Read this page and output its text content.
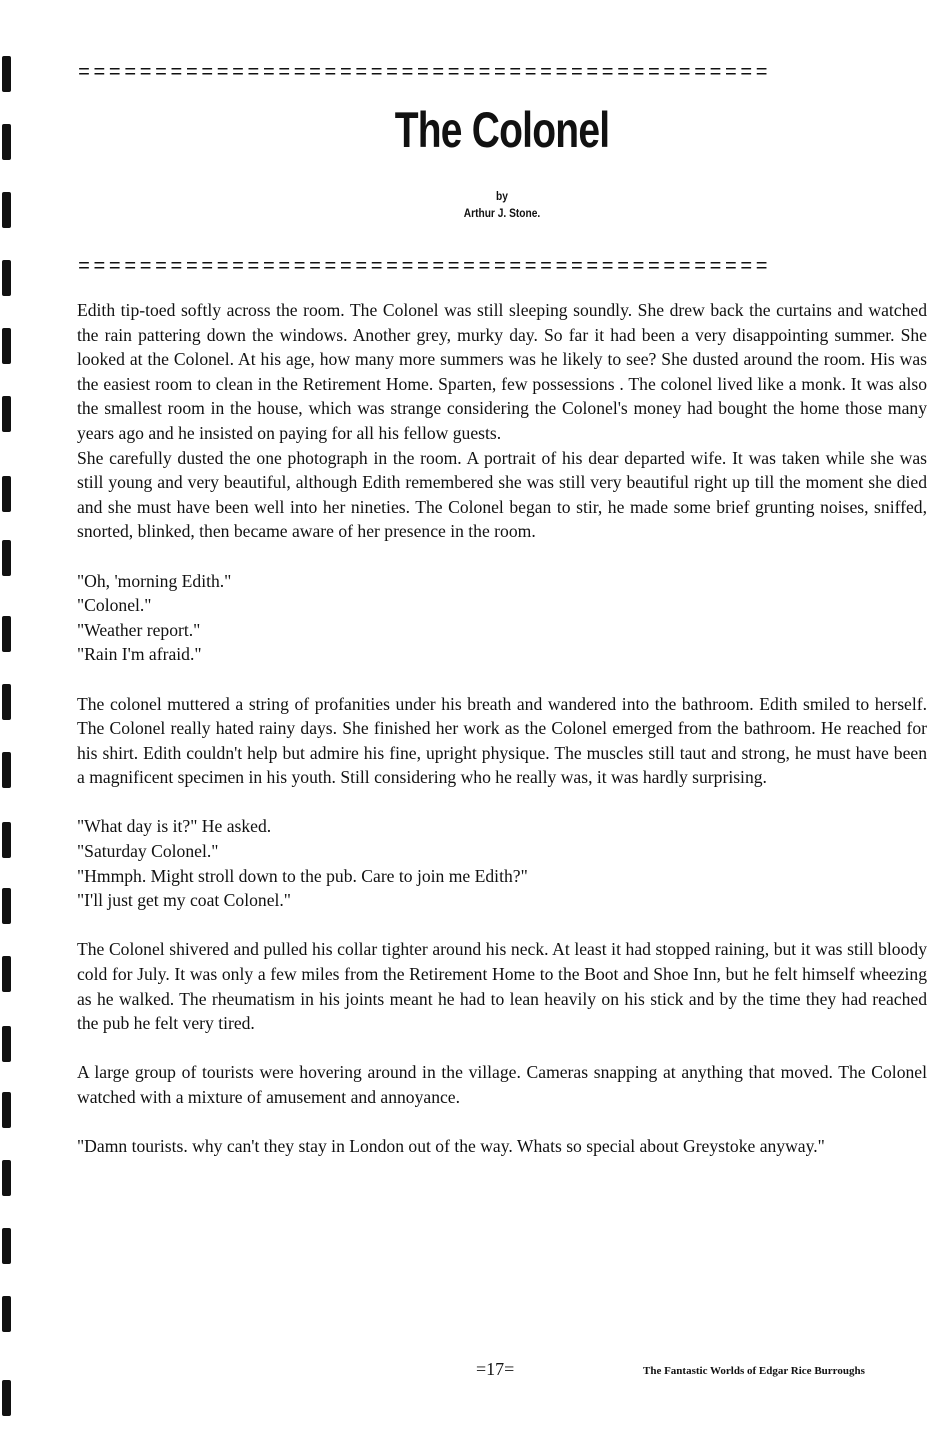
=============================================
The Colonel
by
Arthur J. Stone.
=============================================

Edith tip-toed softly across the room. The Colonel was still sleeping soundly. She drew back the curtains and watched the rain pattering down the windows. Another grey, murky day. So far it had been a very disappointing summer. She looked at the Colonel. At his age, how many more summers was he likely to see? She dusted around the room. His was the easiest room to clean in the Retirement Home. Sparten, few possessions . The colonel lived like a monk. It was also the smallest room in the house, which was strange considering the Colonel's money had bought the home those many years ago and he insisted on paying for all his fellow guests.

She carefully dusted the one photograph in the room. A portrait of his dear departed wife. It was taken while she was still young and very beautiful, although Edith remembered she was still very beautiful right up till the moment she died and she must have been well into her nineties. The Colonel began to stir, he made some brief grunting noises, sniffed, snorted, blinked, then became aware of her presence in the room.

"Oh, 'morning Edith."

"Colonel."

"Weather report."

"Rain I'm afraid."

The colonel muttered a string of profanities under his breath and wandered into the bathroom. Edith smiled to herself. The Colonel really hated rainy days. She finished her work as the Colonel emerged from the bathroom. He reached for his shirt. Edith couldn't help but admire his fine, upright physique. The muscles still taut and strong, he must have been a magnificent specimen in his youth. Still considering who he really was, it was hardly surprising.

"What day is it?" He asked.

"Saturday Colonel."

"Hmmph. Might stroll down to the pub. Care to join me Edith?"

"I'll just get my coat Colonel."

The Colonel shivered and pulled his collar tighter around his neck. At least it had stopped raining, but it was still bloody cold for July. It was only a few miles from the Retirement Home to the Boot and Shoe Inn, but he felt himself wheezing as he walked. The rheumatism in his joints meant he had to lean heavily on his stick and by the time they had reached the pub he felt very tired.

A large group of tourists were hovering around in the village. Cameras snapping at anything that moved. The Colonel watched with a mixture of amusement and annoyance.

"Damn tourists. why can't they stay in London out of the way. Whats so special about Greystoke anyway."

=17=	The Fantastic Worlds of Edgar Rice Burroughs
